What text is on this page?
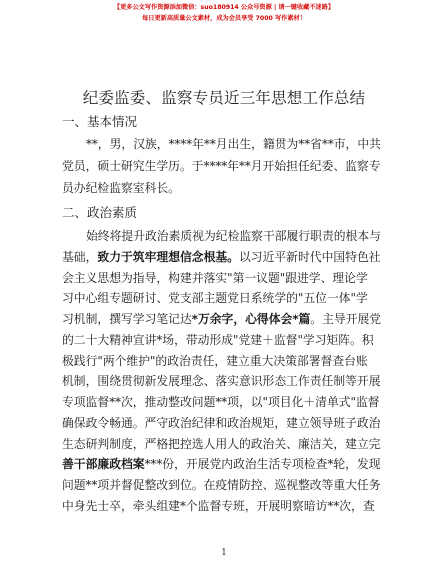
【更多公文写作资源添加微信：suo180914 公众号资源 | 请一键收藏不迷路】
每日更新高质量公文素材，成为会员享受 7000 写作素材！
纪委监委、监察专员近三年思想工作总结
一、基本情况
**，男，汉族，****年**月出生，籍贯为**省**市，中共
党员，硕士研究生学历。于****年**月开始担任纪委、监察专
员办纪检监察室科长。
二、政治素质
始终将提升政治素质视为纪检监察干部履行职责的根本与
基础，致力于筑牢理想信念根基。以习近平新时代中国特色社
会主义思想为指导，构建并落实"第一议题"跟进学、理论学
习中心组专题研讨、党支部主题党日系统学的"五位一体"学
习机制，撰写学习笔记达*万余字，心得体会*篇。主导开展党
的二十大精神宣讲*场，带动形成"党建＋监督"学习矩阵。积
极践行"两个维护"的政治责任，建立重大决策部署督查台账
机制，围绕贯彻新发展理念、落实意识形态工作责任制等开展
专项监督**次，推动整改问题**项，以"项目化＋清单式"监督
确保政令畅通。严守政治纪律和政治规矩，建立领导班子政治
生态研判制度，严格把控选人用人的政治关、廉洁关，建立完
善干部廉政档案***份，开展党内政治生活专项检查*轮，发现
问题**项并督促整改到位。在疫情防控、巡视整改等重大任务
中身先士卒，牵头组建*个监督专班，开展明察暗访**次，查
1
